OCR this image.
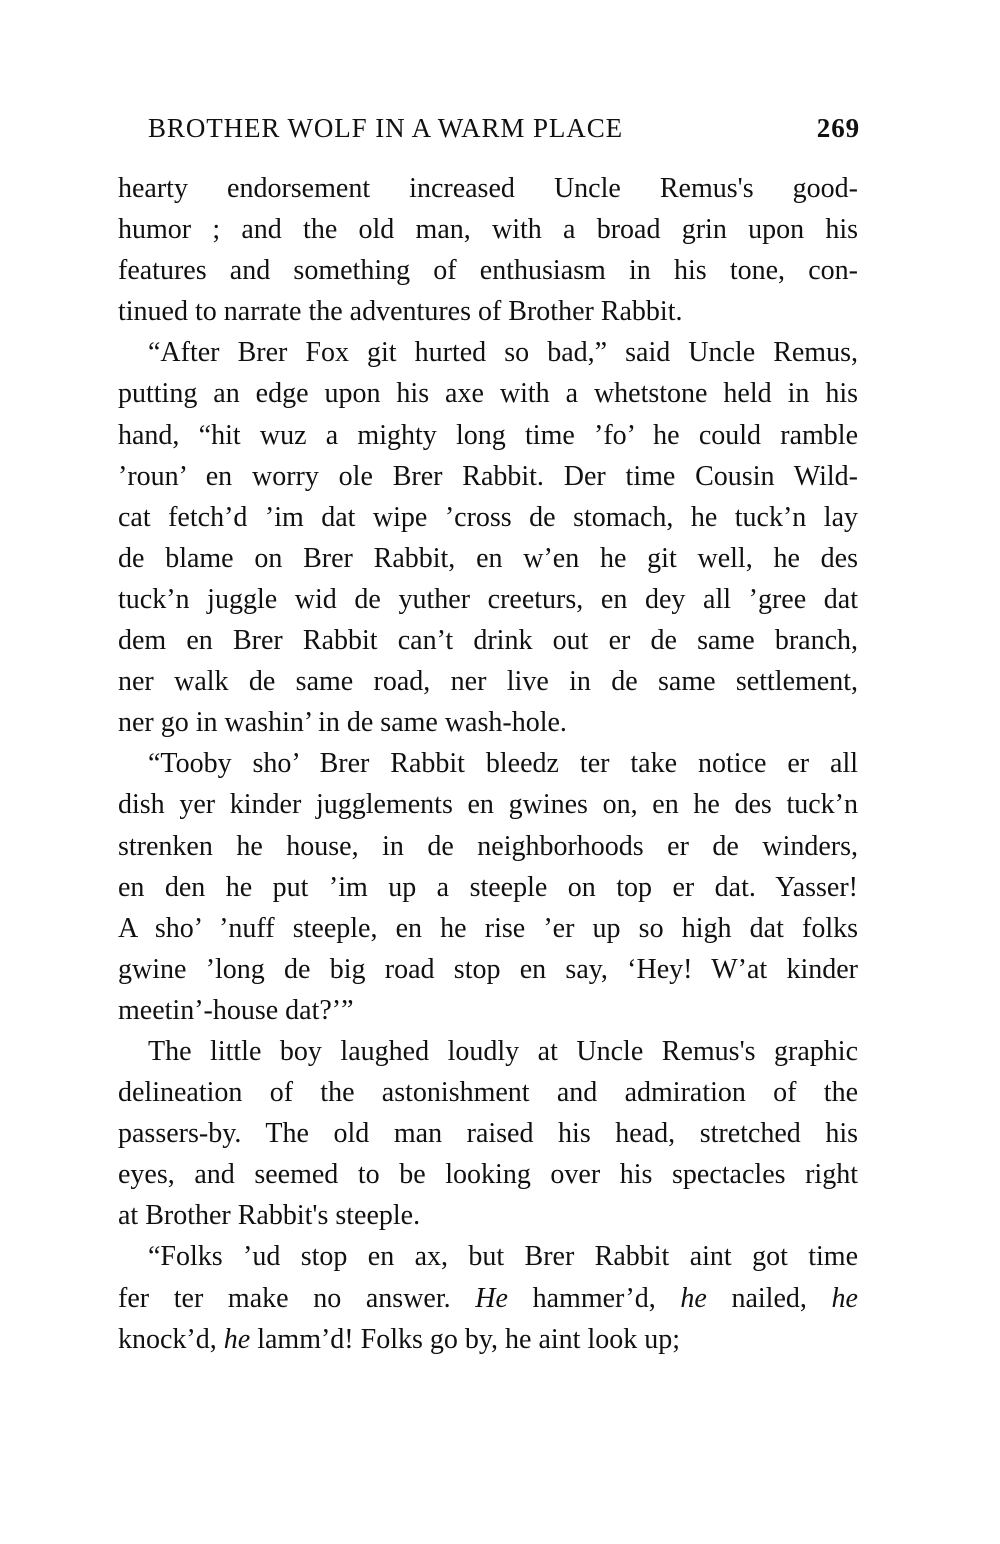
BROTHER WOLF IN A WARM PLACE	269

hearty endorsement increased Uncle Remus's good-
humor ; and the old man, with a broad grin upon his
features and something of enthusiasm in his tone, con-
tinued to narrate the adventures of Brother Rabbit.

“After Brer Fox git hurted so bad,” said Uncle Remus,
putting an edge upon his axe with a whetstone held in his
hand, “hit wuz a mighty long time ’fo’ he could ramble
’roun’ en worry ole Brer Rabbit. Der time Cousin Wild-
cat fetch’d ’im dat wipe ’cross de stomach, he tuck’n lay
de blame on Brer Rabbit, en w’en he git well, he des
tuck’n juggle wid de yuther creeturs, en dey all ’gree dat
dem en Brer Rabbit can’t drink out er de same branch,
ner walk de same road, ner live in de same settlement,
ner go in washin’ in de same wash-hole.

“Tooby sho’ Brer Rabbit bleedz ter take notice er all
dish yer kinder jugglements en gwines on, en he des tuck’n
strenken he house, in de neighborhoods er de winders,
en den he put ’im up a steeple on top er dat. Yasser!
A sho’ ’nuff steeple, en he rise ’er up so high dat folks
gwine ’long de big road stop en say, ‘Hey! W’at kinder
meetin’-house dat?’”

The little boy laughed loudly at Uncle Remus's graphic
delineation of the astonishment and admiration of the
passers-by. The old man raised his head, stretched his
eyes, and seemed to be looking over his spectacles right
at Brother Rabbit's steeple.

“Folks ’ud stop en ax, but Brer Rabbit aint got time
fer ter make no answer. He hammer’d, he nailed, he
knock’d, he lamm’d! Folks go by, he aint look up;
